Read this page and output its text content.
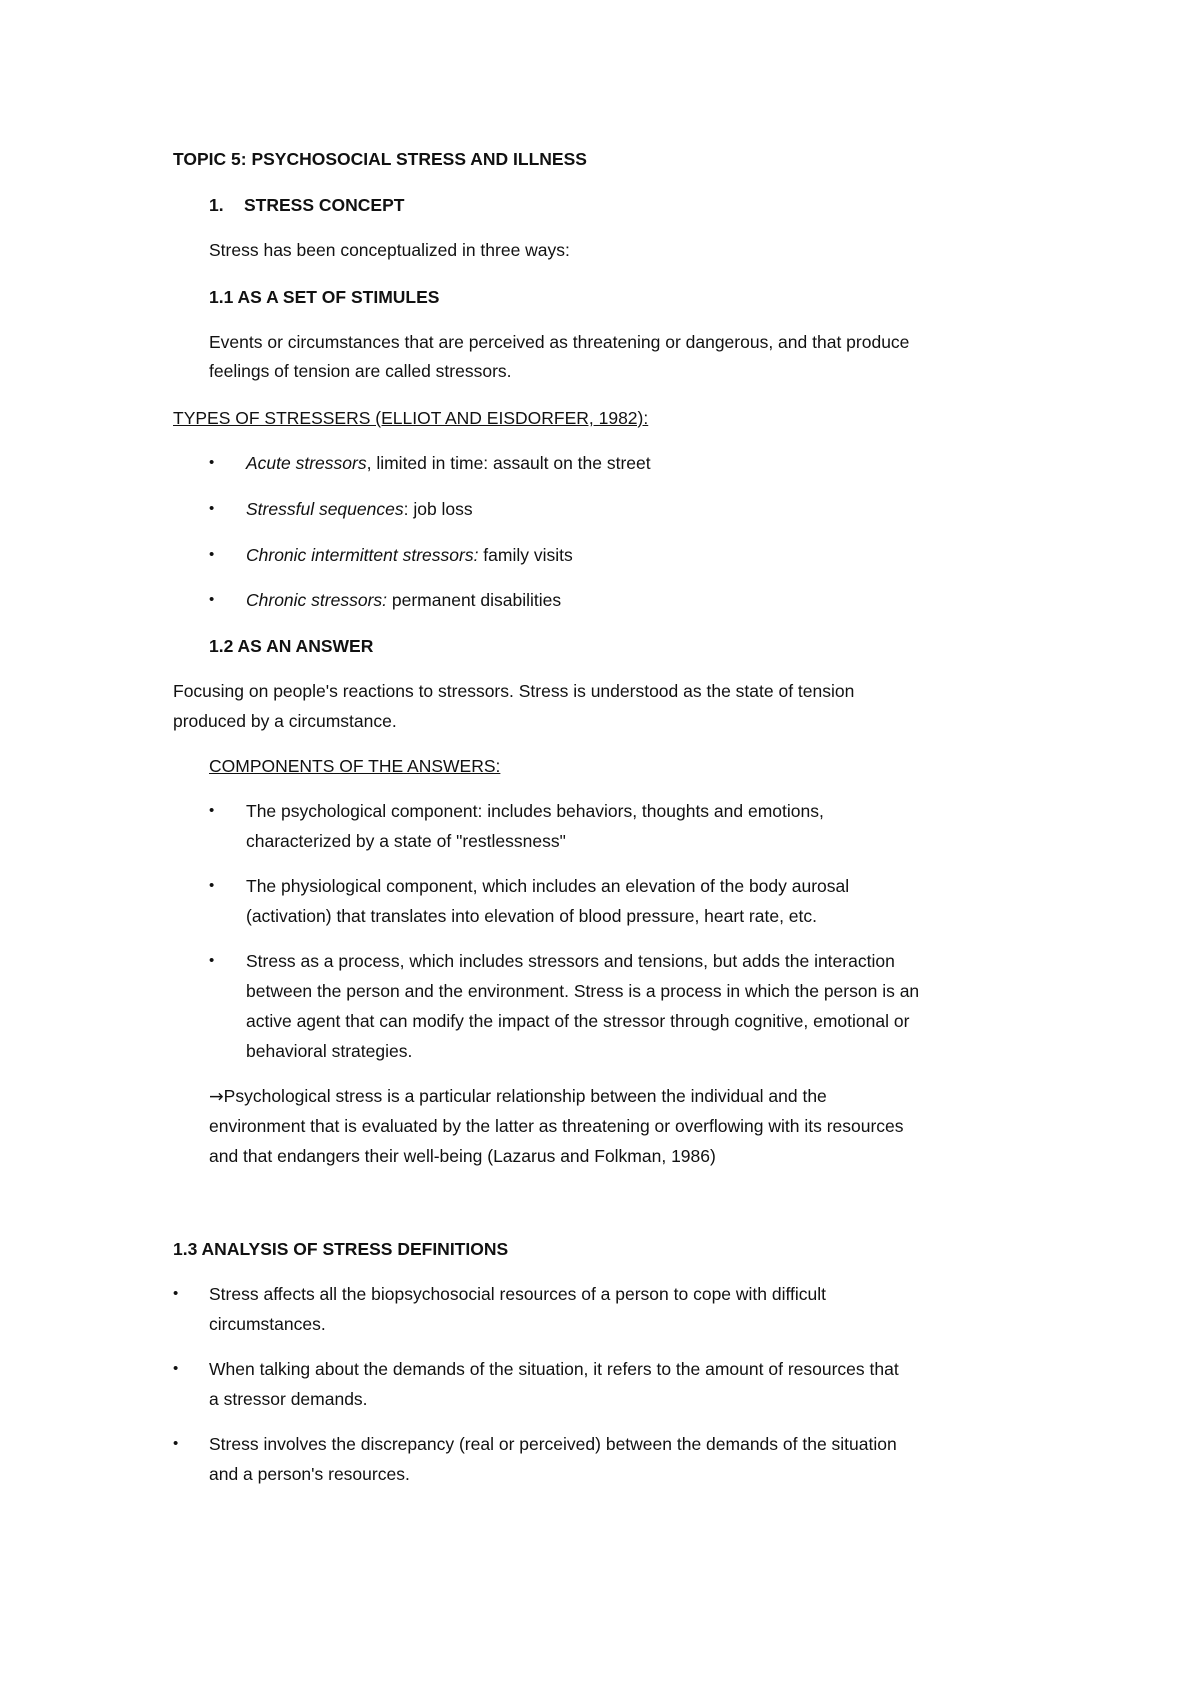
TOPIC 5: PSYCHOSOCIAL STRESS AND ILLNESS

1. STRESS CONCEPT

Stress has been conceptualized in three ways:

1.1 AS A SET OF STIMULES

Events or circumstances that are perceived as threatening or dangerous, and that produce

feelings of tension are called stressors.

TYPES OF STRESSERS (ELLIOT AND EISDORFER, 1982):

• Acute stressors, limited in time: assault on the street

• Stressful sequences: job loss

• Chronic intermittent stressors: family visits

• Chronic stressors: permanent disabilities

1.2 AS AN ANSWER

Focusing on people's reactions to stressors. Stress is understood as the state of tension

produced by a circumstance.

COMPONENTS OF THE ANSWERS:

• The psychological component: includes behaviors, thoughts and emotions,

characterized by a state of "restlessness"

• The physiological component, which includes an elevation of the body aurosal

(activation) that translates into elevation of blood pressure, heart rate, etc.

• Stress as a process, which includes stressors and tensions, but adds the interaction

between the person and the environment. Stress is a process in which the person is an

active agent that can modify the impact of the stressor through cognitive, emotional or

behavioral strategies.

→Psychological stress is a particular relationship between the individual and the

environment that is evaluated by the latter as threatening or overflowing with its resources

and that endangers their well-being (Lazarus and Folkman, 1986)

1.3 ANALYSIS OF STRESS DEFINITIONS

• Stress affects all the biopsychosocial resources of a person to cope with difficult

circumstances.

• When talking about the demands of the situation, it refers to the amount of resources that

a stressor demands.

• Stress involves the discrepancy (real or perceived) between the demands of the situation

and a person's resources.
